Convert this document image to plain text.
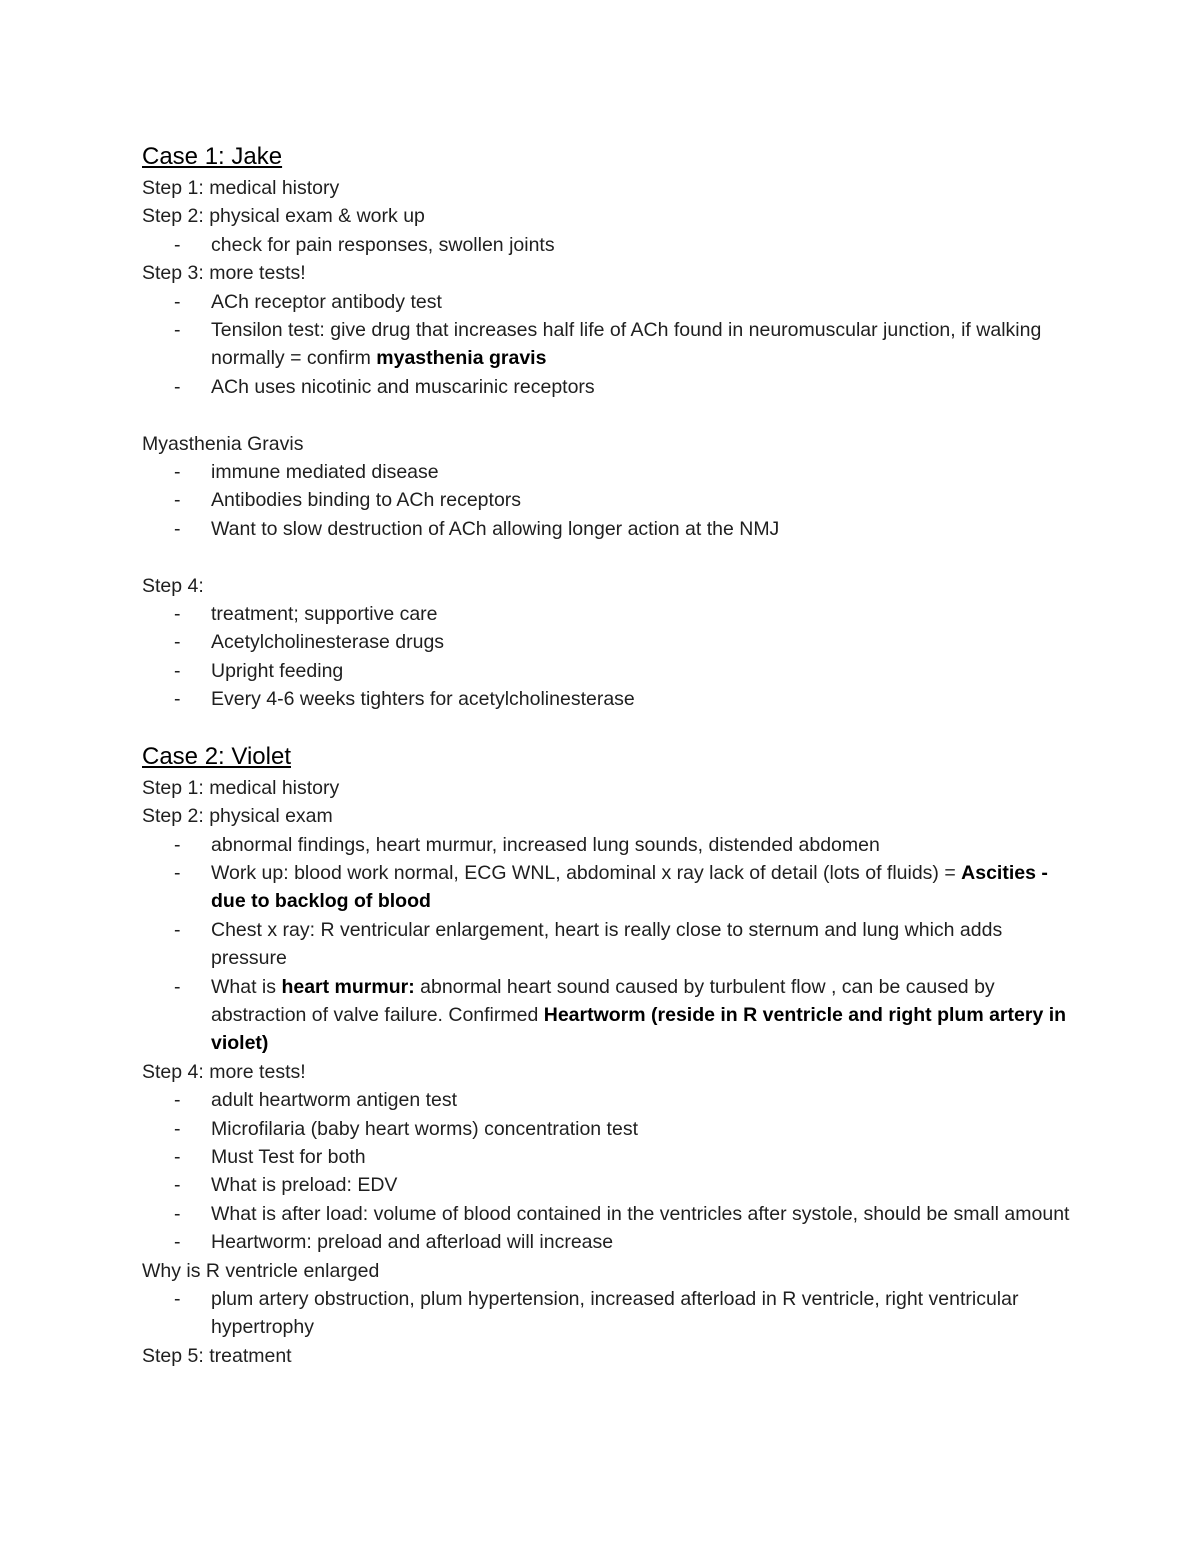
Case 1: Jake

Step 1: medical history

Step 2: physical exam & work up

- check for pain responses, swollen joints

Step 3: more tests!

- ACh receptor antibody test
- Tensilon test: give drug that increases half life of ACh found in neuromuscular junction, if walking normally = confirm myasthenia gravis
- ACh uses nicotinic and muscarinic receptors

Myasthenia Gravis

- immune mediated disease
- Antibodies binding to ACh receptors
- Want to slow destruction of ACh allowing longer action at the NMJ

Step 4:

- treatment; supportive care
- Acetylcholinesterase drugs
- Upright feeding
- Every 4-6 weeks tighters for acetylcholinesterase
Case 2: Violet

Step 1: medical history

Step 2: physical exam

- abnormal findings, heart murmur, increased lung sounds, distended abdomen
- Work up: blood work normal, ECG WNL, abdominal x ray lack of detail (lots of fluids) = Ascities - due to backlog of blood
- Chest x ray: R ventricular enlargement, heart is really close to sternum and lung which adds pressure
- What is heart murmur: abnormal heart sound caused by turbulent flow , can be caused by abstraction of valve failure. Confirmed Heartworm (reside in R ventricle and right plum artery in violet)

Step 4: more tests!

- adult heartworm antigen test
- Microfilaria (baby heart worms) concentration test
- Must Test for both
- What is preload: EDV
- What is after load: volume of blood contained in the ventricles after systole, should be small amount
- Heartworm: preload and afterload will increase

Why is R ventricle enlarged

- plum artery obstruction, plum hypertension, increased afterload in R ventricle, right ventricular hypertrophy

Step 5: treatment
